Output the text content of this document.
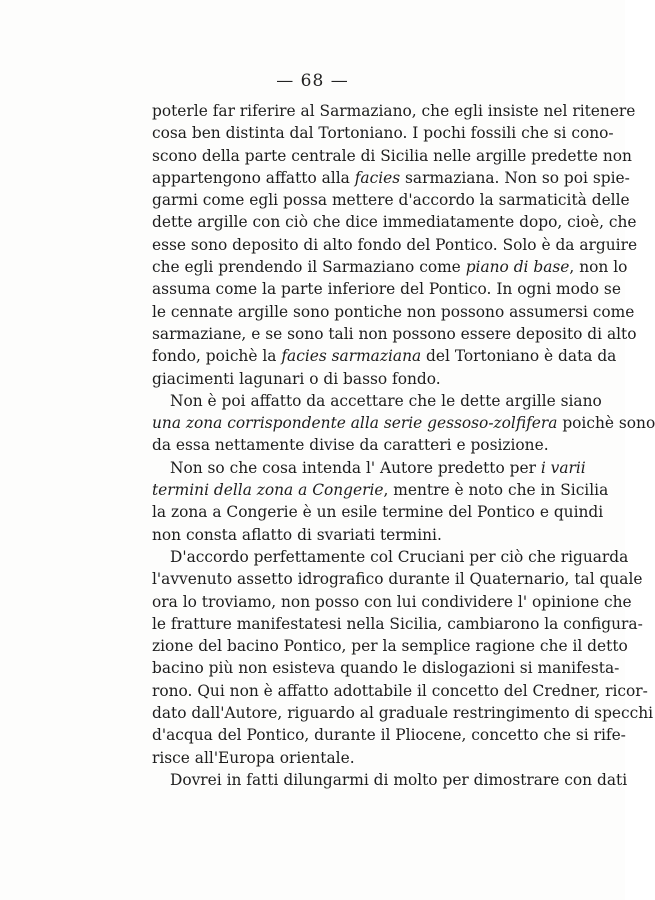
— 68 —
poterle far riferire al Sarmaziano, che egli insiste nel ritenere
cosa ben distinta dal Tortoniano. I pochi fossili che si cono-
scono della parte centrale di Sicilia nelle argille predette non
appartengono affatto alla facies sarmaziana. Non so poi spie-
garmi come egli possa mettere d'accordo la sarmaticità delle
dette argille con ciò che dice immediatamente dopo, cioè, che
esse sono deposito di alto fondo del Pontico. Solo è da arguire
che egli prendendo il Sarmaziano come piano di base, non lo
assuma come la parte inferiore del Pontico. In ogni modo se
le cennate argille sono pontiche non possono assumersi come
sarmaziane, e se sono tali non possono essere deposito di alto
fondo, poichè la facies sarmaziana del Tortoniano è data da
giacimenti lagunari o di basso fondo.
Non è poi affatto da accettare che le dette argille siano
una zona corrispondente alla serie gessoso-zolfifera poichè sono
da essa nettamente divise da caratteri e posizione.
Non so che cosa intenda l' Autore predetto per i varii
termini della zona a Congerie, mentre è noto che in Sicilia
la zona a Congerie è un esile termine del Pontico e quindi
non consta aflatto di svariati termini.
D'accordo perfettamente col Cruciani per ciò che riguarda
l'avvenuto assetto idrografico durante il Quaternario, tal quale
ora lo troviamo, non posso con lui condividere l' opinione che
le fratture manifestatesi nella Sicilia, cambiarono la configura-
zione del bacino Pontico, per la semplice ragione che il detto
bacino più non esisteva quando le dislogazioni si manifesta-
rono. Qui non è affatto adottabile il concetto del Credner, ricor-
dato dall'Autore, riguardo al graduale restringimento di specchi
d'acqua del Pontico, durante il Pliocene, concetto che si rife-
risce all'Europa orientale.
Dovrei in fatti dilungarmi di molto per dimostrare con dati
